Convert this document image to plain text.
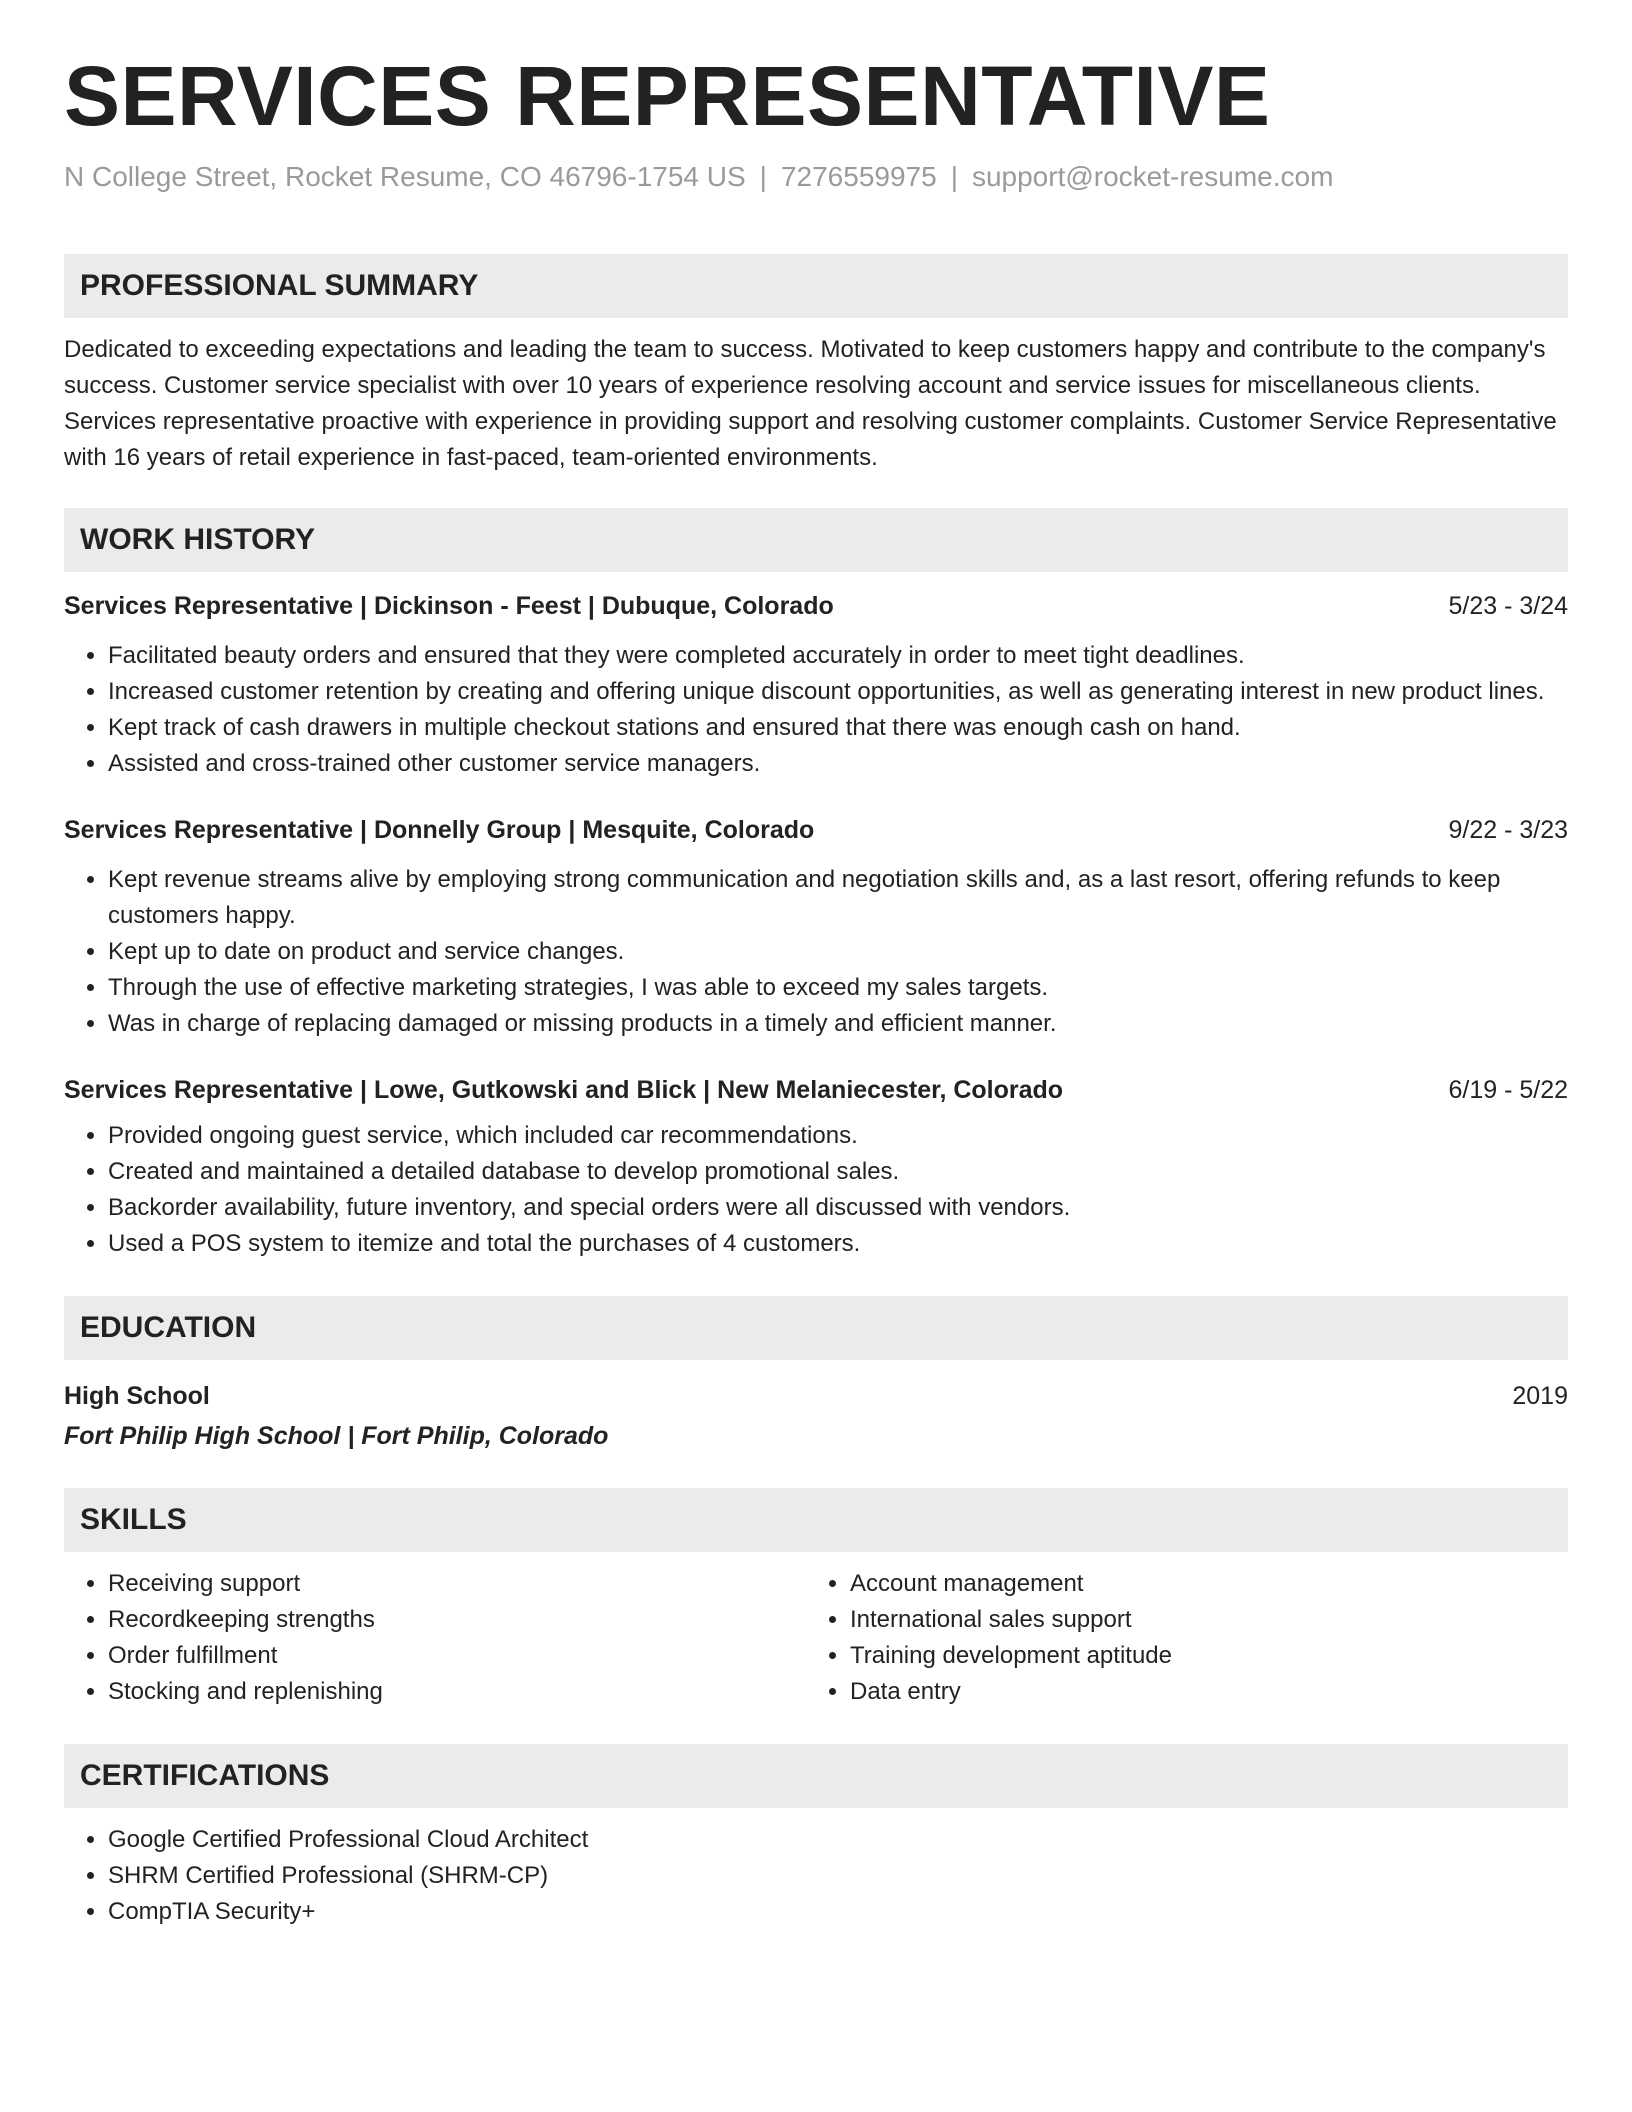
SERVICES REPRESENTATIVE
N College Street, Rocket Resume, CO 46796-1754 US | 7276559975 | support@rocket-resume.com
PROFESSIONAL SUMMARY
Dedicated to exceeding expectations and leading the team to success. Motivated to keep customers happy and contribute to the company's success. Customer service specialist with over 10 years of experience resolving account and service issues for miscellaneous clients. Services representative proactive with experience in providing support and resolving customer complaints. Customer Service Representative with 16 years of retail experience in fast-paced, team-oriented environments.
WORK HISTORY
Services Representative | Dickinson - Feest | Dubuque, Colorado	5/23 - 3/24
• Facilitated beauty orders and ensured that they were completed accurately in order to meet tight deadlines.
• Increased customer retention by creating and offering unique discount opportunities, as well as generating interest in new product lines.
• Kept track of cash drawers in multiple checkout stations and ensured that there was enough cash on hand.
• Assisted and cross-trained other customer service managers.
Services Representative | Donnelly Group | Mesquite, Colorado	9/22 - 3/23
• Kept revenue streams alive by employing strong communication and negotiation skills and, as a last resort, offering refunds to keep customers happy.
• Kept up to date on product and service changes.
• Through the use of effective marketing strategies, I was able to exceed my sales targets.
• Was in charge of replacing damaged or missing products in a timely and efficient manner.
Services Representative | Lowe, Gutkowski and Blick | New Melaniecester, Colorado	6/19 - 5/22
• Provided ongoing guest service, which included car recommendations.
• Created and maintained a detailed database to develop promotional sales.
• Backorder availability, future inventory, and special orders were all discussed with vendors.
• Used a POS system to itemize and total the purchases of 4 customers.
EDUCATION
High School	2019
Fort Philip High School | Fort Philip, Colorado
SKILLS
• Receiving support
• Recordkeeping strengths
• Order fulfillment
• Stocking and replenishing
• Account management
• International sales support
• Training development aptitude
• Data entry
CERTIFICATIONS
• Google Certified Professional Cloud Architect
• SHRM Certified Professional (SHRM-CP)
• CompTIA Security+
